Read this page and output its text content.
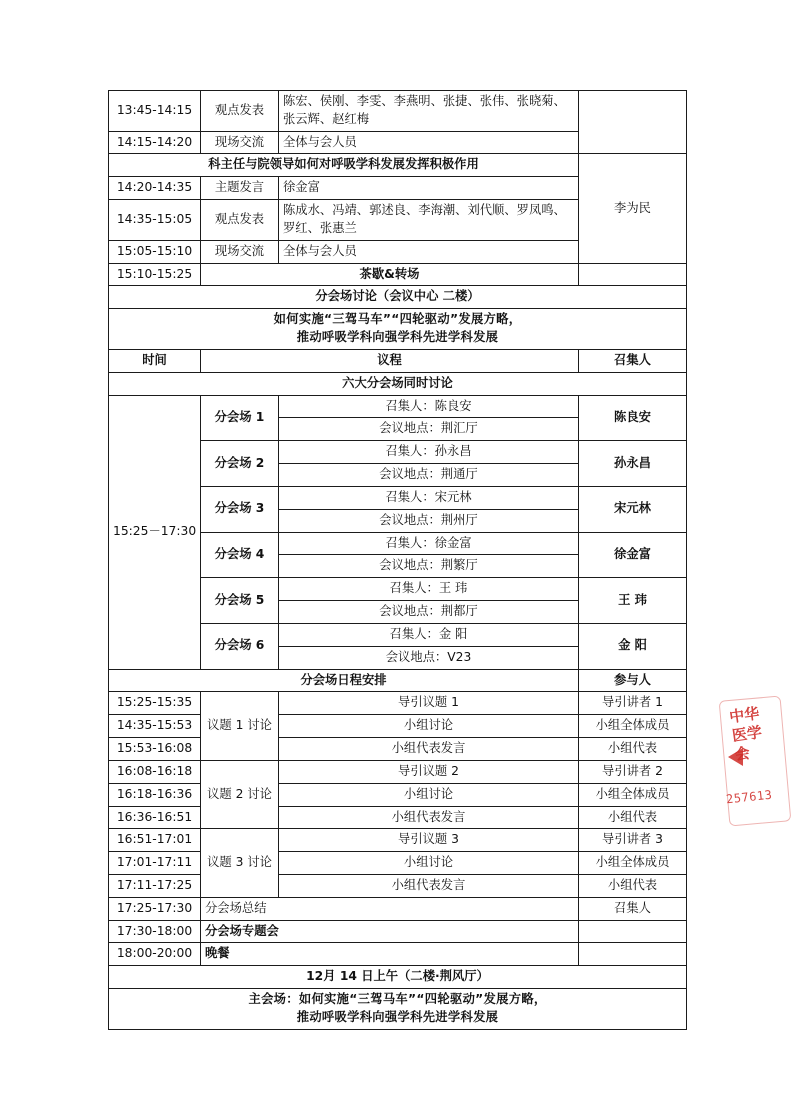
13:45-14:15	观点发表	陈宏、侯刚、李雯、李燕明、张捷、张伟、张晓菊、张云辉、赵红梅	
14:15-14:20	现场交流	全体与会人员	
科主任与院领导如何对呼吸学科发展发挥积极作用			李为民
14:20-14:35	主题发言	徐金富	
14:35-15:05	观点发表	陈成水、冯靖、郭述良、李海潮、刘代顺、罗凤鸣、罗红、张惠兰	
15:05-15:10	现场交流	全体与会人员	
15:10-15:25	茶歇&转场		
分会场讨论（会议中心 二楼）			

如何实施“三驾马车”“四轮驱动”发展方略，
推动呼吸学科向强学科先进学科发展			

时间	议程		召集人
六大分会场同时讨论			
15:25－17:30	分会场 1	召集人：陈良安	陈良安
		会议地点：荆汇厅	
	分会场 2	召集人：孙永昌	孙永昌
		会议地点：荆通厅	
	分会场 3	召集人：宋元林	宋元林
		会议地点：荆州厅	
	分会场 4	召集人：徐金富	徐金富
		会议地点：荆繁厅	
	分会场 5	召集人：王 玮	王 玮
		会议地点：荆都厅	
	分会场 6	召集人：金 阳	金 阳
		会议地点：V23	
分会场日程安排			参与人
15:25-15:35	议题 1 讨论	导引议题 1	导引讲者 1
14:35-15:53		小组讨论	小组全体成员
15:53-16:08		小组代表发言	小组代表
16:08-16:18	议题 2 讨论	导引议题 2	导引讲者 2
16:18-16:36		小组讨论	小组全体成员
16:36-16:51		小组代表发言	小组代表
16:51-17:01	议题 3 讨论	导引议题 3	导引讲者 3
17:01-17:11		小组讨论	小组全体成员
17:11-17:25		小组代表发言	小组代表
17:25-17:30	分会场总结		召集人
17:30-18:00	分会场专题会		
18:00-20:00	晚餐		
12月 14 日上午（二楼·荆风厅）			

主会场：如何实施“三驾马车”“四轮驱动”发展方略，
推动呼吸学科向强学科先进学科发展			
中华医学会
257613
